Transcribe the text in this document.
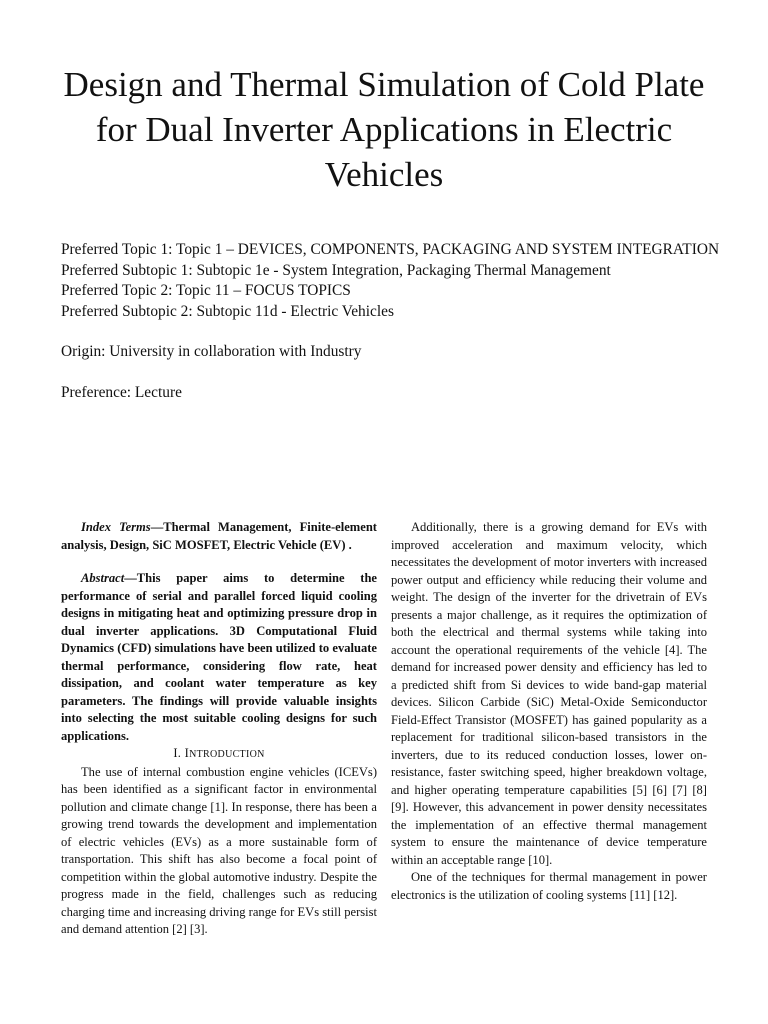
Design and Thermal Simulation of Cold Plate
for Dual Inverter Applications in Electric
Vehicles
Preferred Topic 1: Topic 1 – DEVICES, COMPONENTS, PACKAGING AND SYSTEM INTEGRATION
Preferred Subtopic 1: Subtopic 1e - System Integration, Packaging Thermal Management
Preferred Topic 2: Topic 11 – FOCUS TOPICS
Preferred Subtopic 2: Subtopic 11d - Electric Vehicles
Origin: University in collaboration with Industry
Preference: Lecture

Index Terms—Thermal Management, Finite-element analysis, Design, SiC MOSFET, Electric Vehicle (EV) .

Abstract—This paper aims to determine the performance of serial and parallel forced liquid cooling designs in mitigating heat and optimizing pressure drop in dual inverter applications. 3D Computational Fluid Dynamics (CFD) simulations have been utilized to evaluate thermal performance, considering flow rate, heat dissipation, and coolant water temperature as key parameters. The findings will provide valuable insights into selecting the most suitable cooling designs for such applications.

I. INTRODUCTION

The use of internal combustion engine vehicles (ICEVs) has been identified as a significant factor in environmental pollution and climate change [1]. In response, there has been a growing trend towards the development and implementation of electric vehicles (EVs) as a more sustainable form of transportation. This shift has also become a focal point of competition within the global automotive industry. Despite the progress made in the field, challenges such as reducing charging time and increasing driving range for EVs still persist and demand attention [2] [3].

Additionally, there is a growing demand for EVs with improved acceleration and maximum velocity, which necessitates the development of motor inverters with increased power output and efficiency while reducing their volume and weight. The design of the inverter for the drivetrain of EVs presents a major challenge, as it requires the optimization of both the electrical and thermal systems while taking into account the operational requirements of the vehicle [4]. The demand for increased power density and efficiency has led to a predicted shift from Si devices to wide band-gap material devices. Silicon Carbide (SiC) Metal-Oxide Semiconductor Field-Effect Transistor (MOSFET) has gained popularity as a replacement for traditional silicon-based transistors in the inverters, due to its reduced conduction losses, lower on-resistance, faster switching speed, higher breakdown voltage, and higher operating temperature capabilities [5] [6] [7] [8] [9]. However, this advancement in power density necessitates the implementation of an effective thermal management system to ensure the maintenance of device temperature within an acceptable range [10].

One of the techniques for thermal management in power electronics is the utilization of cooling systems [11] [12].
